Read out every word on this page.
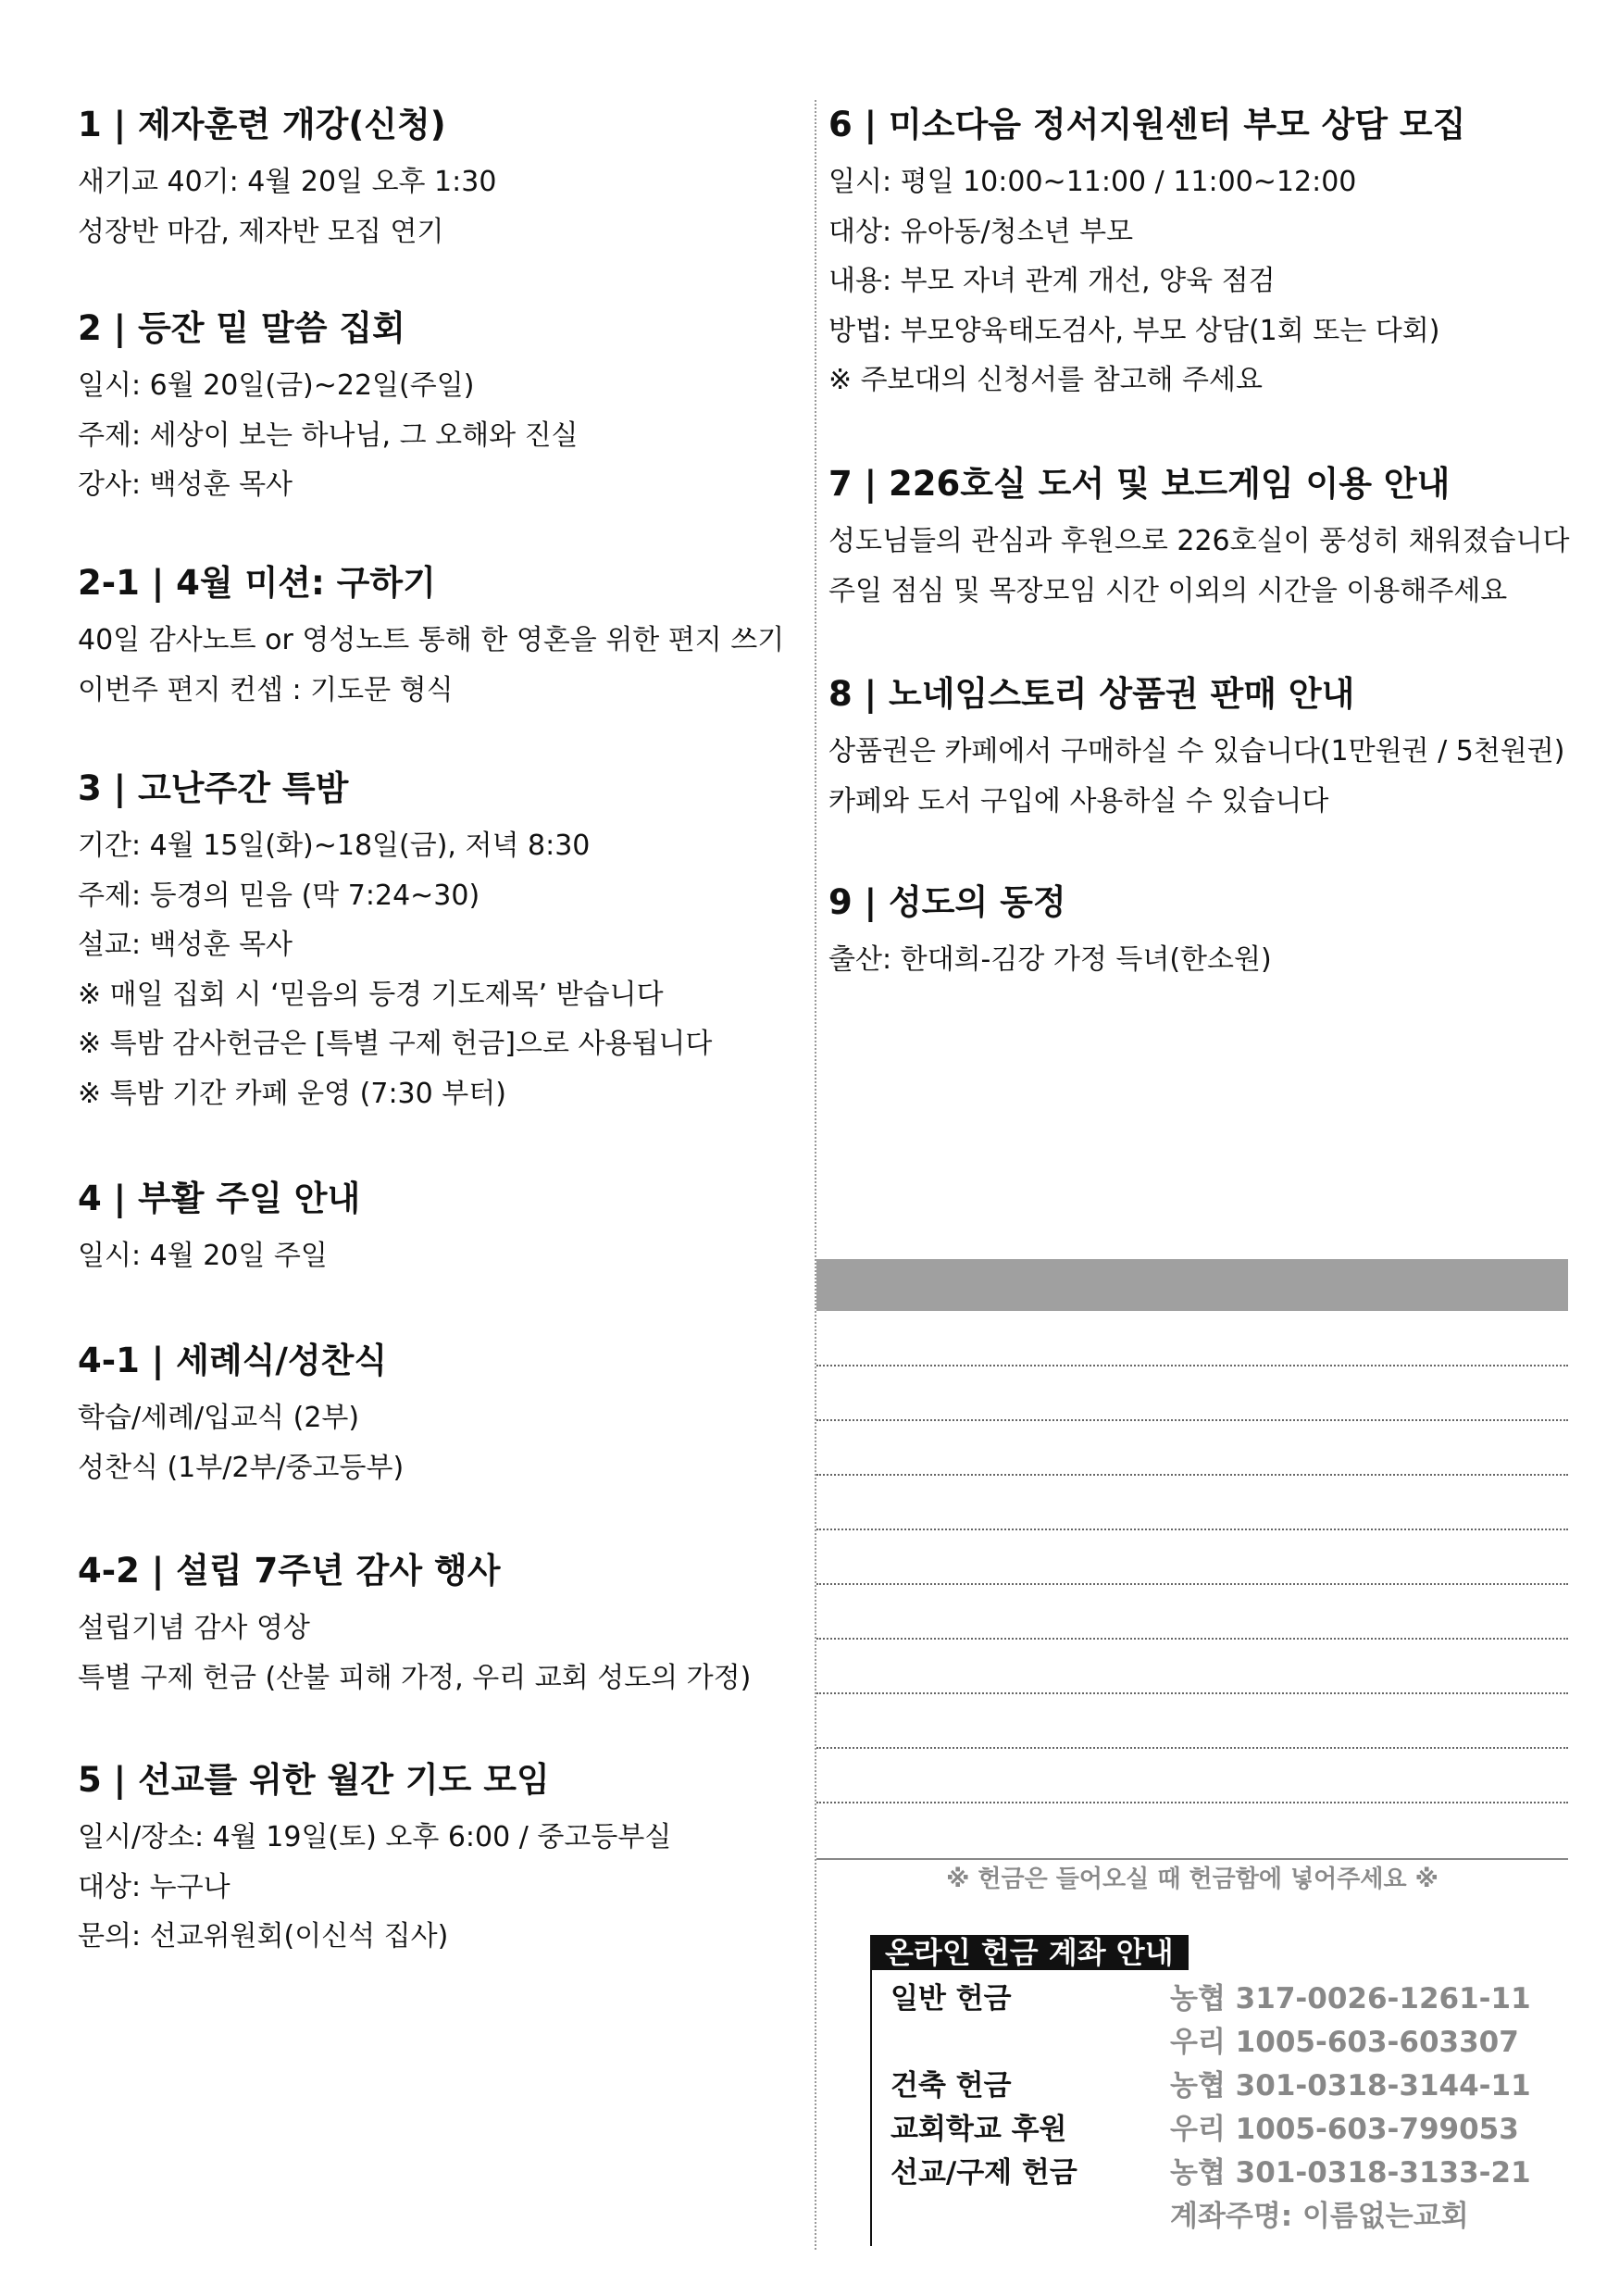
1 | 제자훈련 개강(신청)
새기교 40기: 4월 20일 오후 1:30
성장반 마감, 제자반 모집 연기
2 | 등잔 밑 말씀 집회
일시: 6월 20일(금)~22일(주일)
주제: 세상이 보는 하나님, 그 오해와 진실
강사: 백성훈 목사
2-1 | 4월 미션: 구하기
40일 감사노트 or 영성노트 통해 한 영혼을 위한 편지 쓰기
이번주 편지 컨셉 : 기도문 형식
3 | 고난주간 특밤
기간: 4월 15일(화)~18일(금), 저녁 8:30
주제: 등경의 믿음 (막 7:24~30)
설교: 백성훈 목사
※ 매일 집회 시 ‘믿음의 등경 기도제목’ 받습니다
※ 특밤 감사헌금은 [특별 구제 헌금]으로 사용됩니다
※ 특밤 기간 카페 운영 (7:30 부터)
4 | 부활 주일 안내
일시: 4월 20일 주일
4-1 | 세례식/성찬식
학습/세례/입교식 (2부)
성찬식 (1부/2부/중고등부)
4-2 | 설립 7주년 감사 행사
설립기념 감사 영상
특별 구제 헌금 (산불 피해 가정, 우리 교회 성도의 가정)
5 | 선교를 위한 월간 기도 모임
일시/장소: 4월 19일(토) 오후 6:00 / 중고등부실
대상: 누구나
문의: 선교위원회(이신석 집사)
6 | 미소다음 정서지원센터 부모 상담 모집
일시: 평일 10:00~11:00 / 11:00~12:00
대상: 유아동/청소년 부모
내용: 부모 자녀 관계 개선, 양육 점검
방법: 부모양육태도검사, 부모 상담(1회 또는 다회)
※ 주보대의 신청서를 참고해 주세요
7 | 226호실 도서 및 보드게임 이용 안내
성도님들의 관심과 후원으로 226호실이 풍성히 채워졌습니다
주일 점심 및 목장모임 시간 이외의 시간을 이용해주세요
8 | 노네임스토리 상품권 판매 안내
상품권은 카페에서 구매하실 수 있습니다(1만원권 / 5천원권)
카페와 도서 구입에 사용하실 수 있습니다
9 | 성도의 동정
출산: 한대희-김강 가정 득녀(한소원)
※ 헌금은 들어오실 때 헌금함에 넣어주세요 ※
온라인 헌금 계좌 안내
일반 헌금	농협 317-0026-1261-11
우리 1005-603-603307
건축 헌금	농협 301-0318-3144-11
교회학교 후원	우리 1005-603-799053
선교/구제 헌금	농협 301-0318-3133-21
계좌주명: 이름없는교회
